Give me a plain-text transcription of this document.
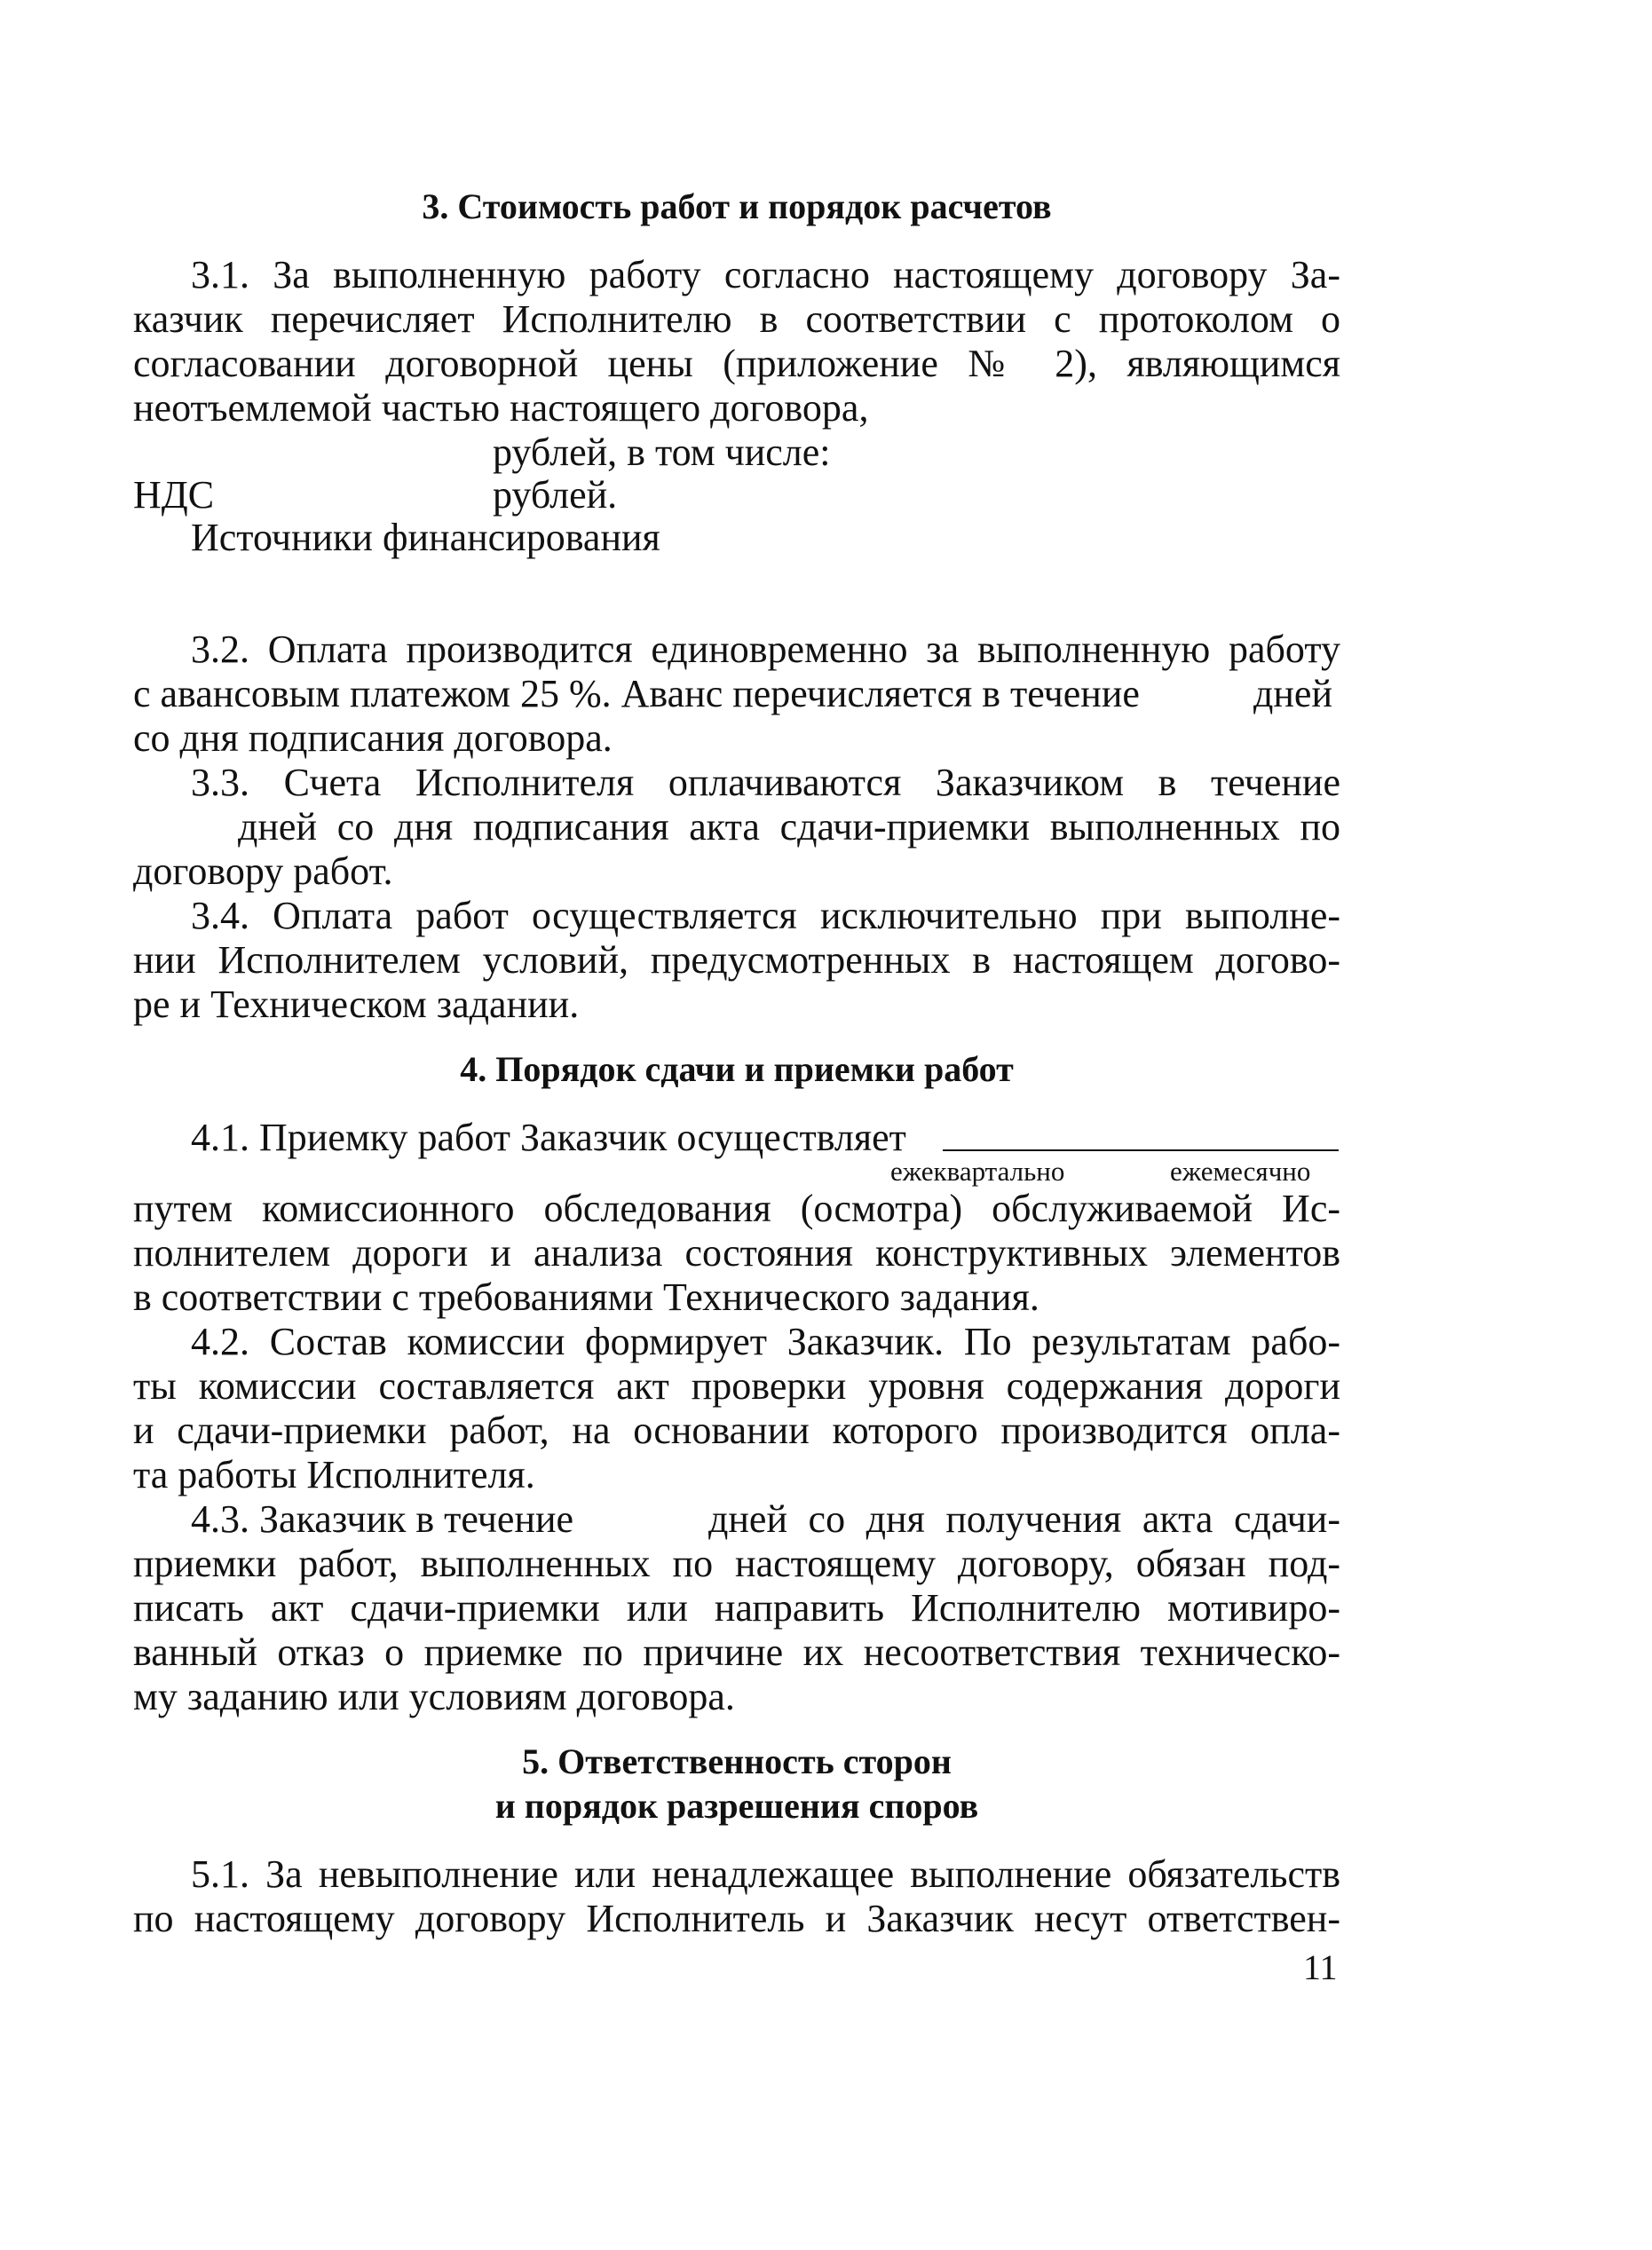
3. Стоимость работ и порядок расчетов
3.1. За выполненную работу согласно настоящему договору За-
казчик перечисляет Исполнителю в соответствии с протоколом о
согласовании договорной цены (приложение № 2), являющимся
неотъемлемой частью настоящего договора,
рублей, в том числе:
НДС	рублей.
Источники финансирования
3.2. Оплата производится единовременно за выполненную работу
с авансовым платежом 25 %. Аванс перечисляется в течение	дней
со дня подписания договора.
3.3. Счета Исполнителя оплачиваются Заказчиком в течение
дней со дня подписания акта сдачи-приемки выполненных по
договору работ.
3.4. Оплата работ осуществляется исключительно при выполне-
нии Исполнителем условий, предусмотренных в настоящем догово-
ре и Техническом задании.
4. Порядок сдачи и приемки работ
4.1. Приемку работ Заказчик осуществляет
ежеквартально	ежемесячно
путем комиссионного обследования (осмотра) обслуживаемой Ис-
полнителем дороги и анализа состояния конструктивных элементов
в соответствии с требованиями Технического задания.
4.2. Состав комиссии формирует Заказчик. По результатам рабо-
ты комиссии составляется акт проверки уровня содержания дороги
и сдачи-приемки работ, на основании которого производится опла-
та работы Исполнителя.
4.3. Заказчик в течение	дней со дня получения акта сдачи-
приемки работ, выполненных по настоящему договору, обязан под-
писать акт сдачи-приемки или направить Исполнителю мотивиро-
ванный отказ о приемке по причине их несоответствия техническо-
му заданию или условиям договора.
5. Ответственность сторон
и порядок разрешения споров
5.1. За невыполнение или ненадлежащее выполнение обязательств
по настоящему договору Исполнитель и Заказчик несут ответствен-
11
